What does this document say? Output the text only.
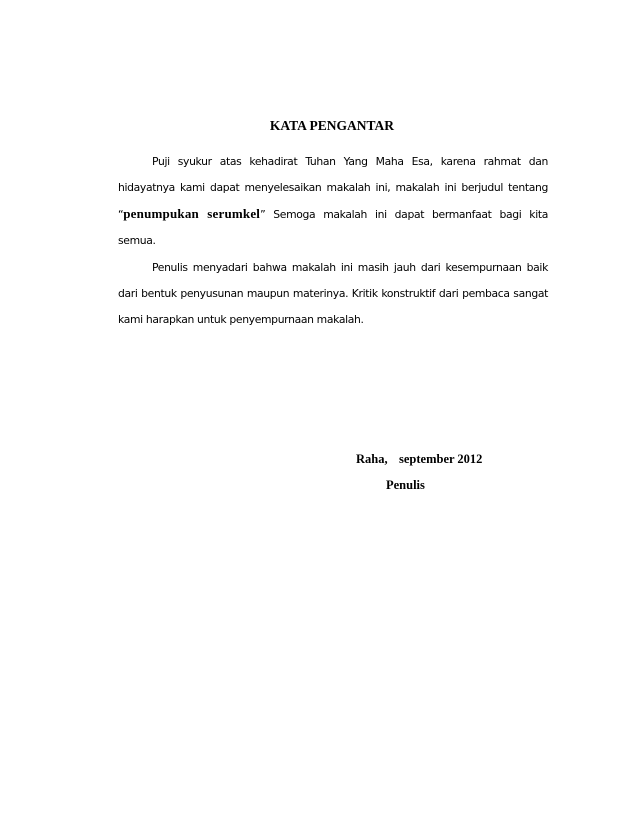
KATA PENGANTAR

Puji syukur atas kehadirat Tuhan Yang Maha Esa, karena rahmat dan hidayatnya kami dapat menyelesaikan makalah ini, makalah ini berjudul tentang “penumpukan serumkel” Semoga makalah ini dapat bermanfaat bagi kita semua.

Penulis menyadari bahwa makalah ini masih jauh dari kesempurnaan baik dari bentuk penyusunan maupun materinya. Kritik konstruktif dari pembaca sangat kami harapkan untuk penyempurnaan makalah.

Raha, september 2012
Penulis
